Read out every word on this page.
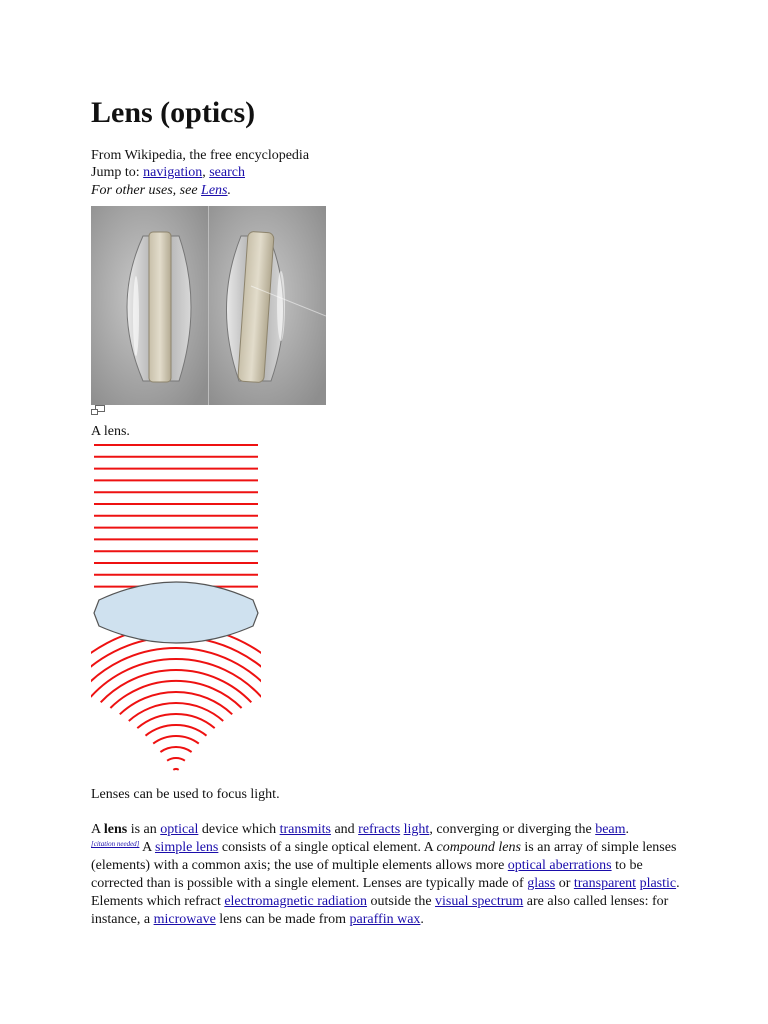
Lens (optics)
From Wikipedia, the free encyclopedia
Jump to: navigation, search
For other uses, see Lens.
A lens.
Lenses can be used to focus light.
A lens is an optical device which transmits and refracts light, converging or diverging the beam.
[citation needed] A simple lens consists of a single optical element. A compound lens is an array of simple lenses (elements) with a common axis; the use of multiple elements allows more optical aberrations to be corrected than is possible with a single element. Lenses are typically made of glass or transparent plastic. Elements which refract electromagnetic radiation outside the visual spectrum are also called lenses: for instance, a microwave lens can be made from paraffin wax.
